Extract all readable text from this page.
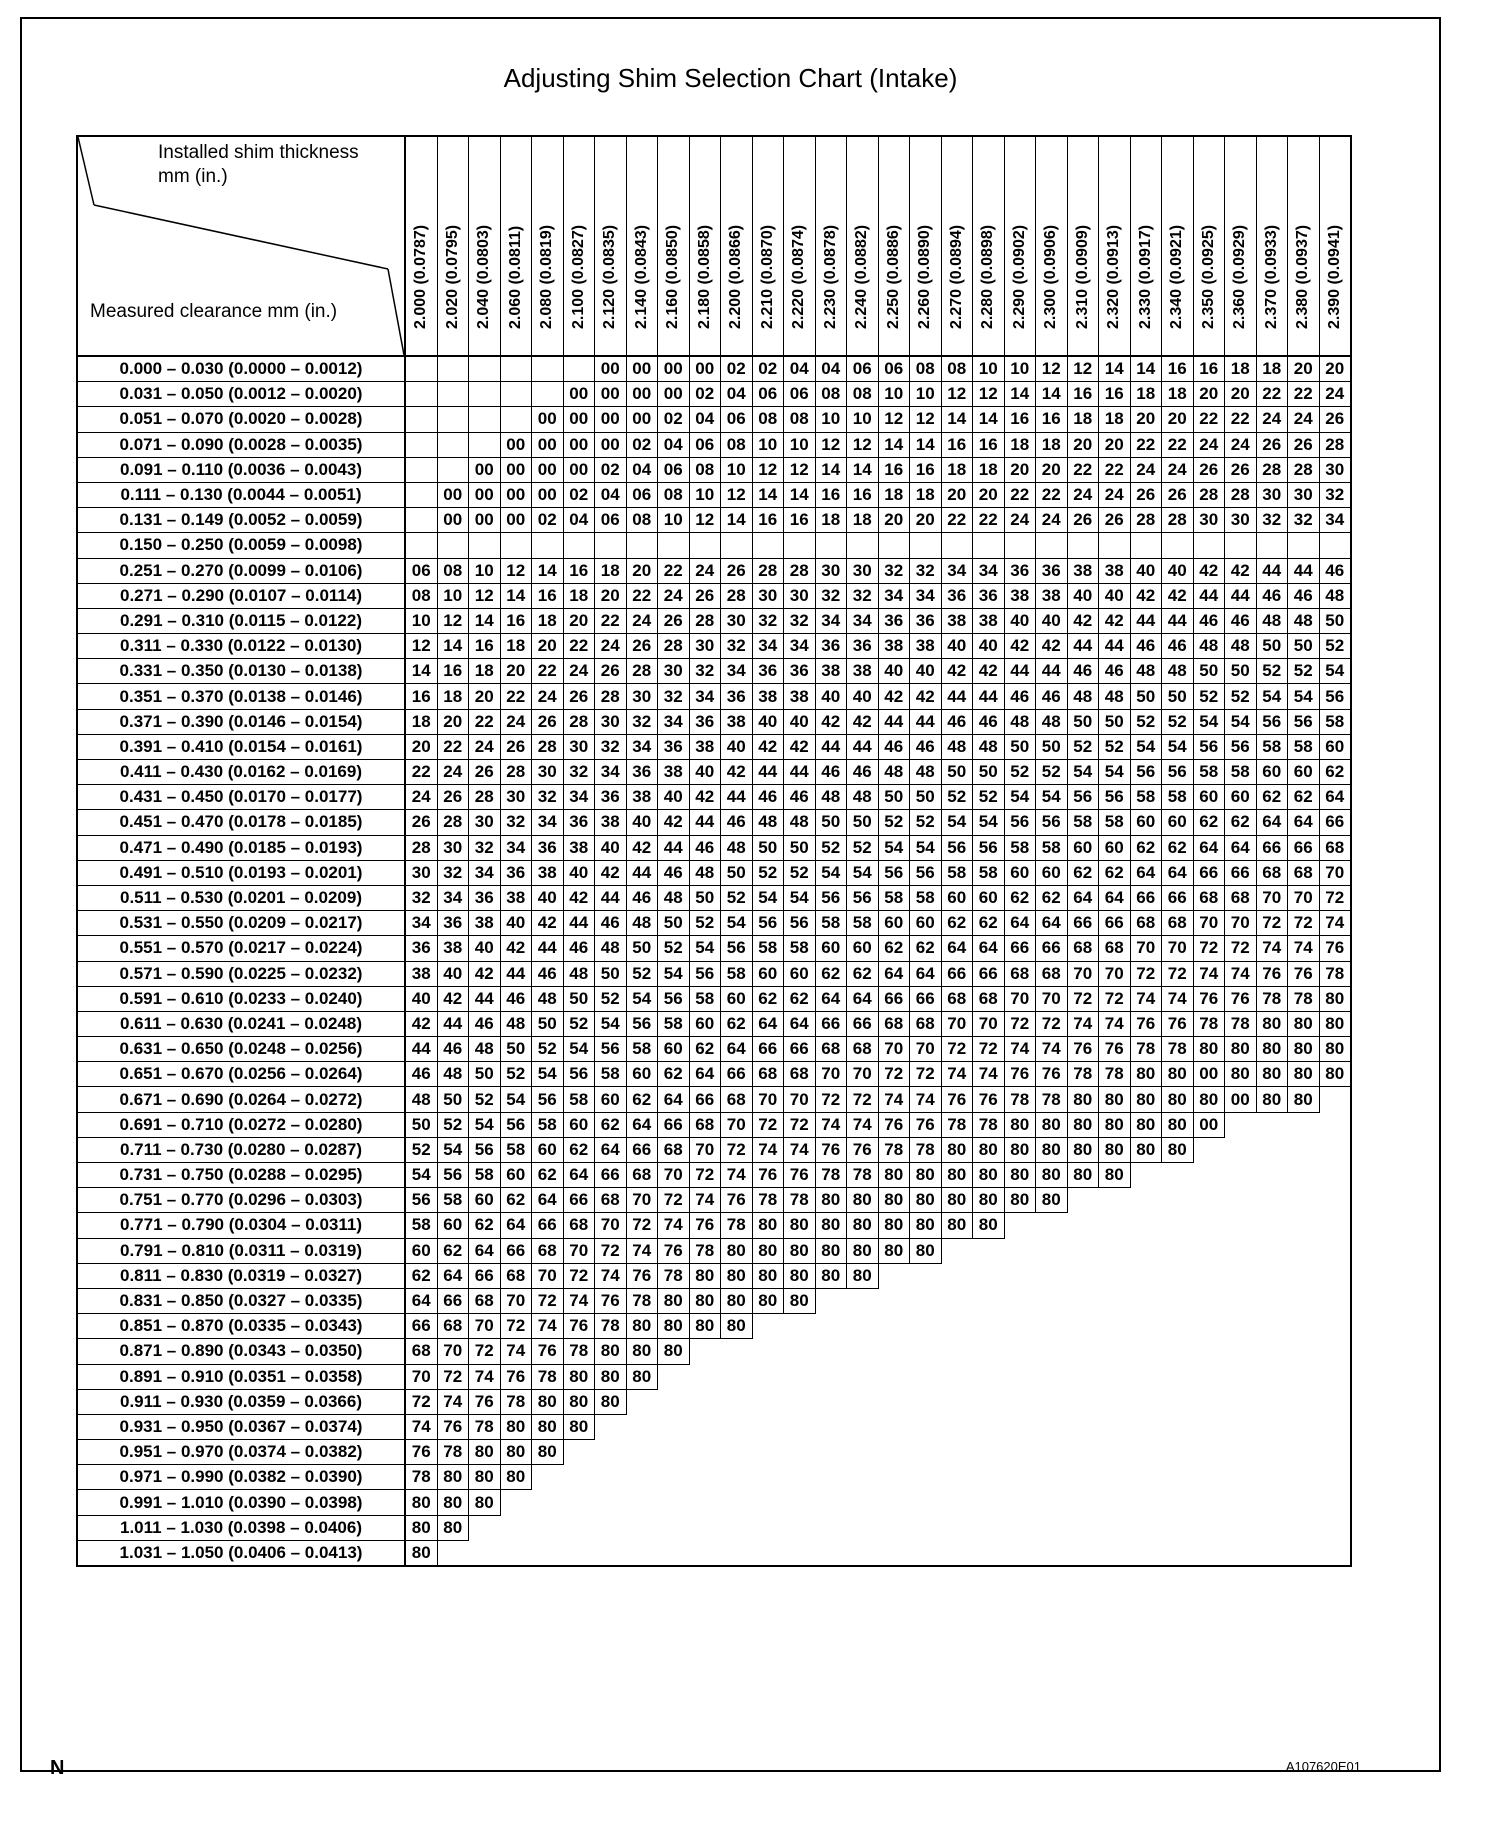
Adjusting Shim Selection Chart (Intake)
N	A107620E01
Installed shim thickness
mm (in.)
Measured clearance mm (in.)	2.000 (0.0787)	2.020 (0.0795)	2.040 (0.0803)	2.060 (0.0811)	2.080 (0.0819)	2.100 (0.0827)	2.120 (0.0835)	2.140 (0.0843)	2.160 (0.0850)	2.180 (0.0858)	2.200 (0.0866)	2.210 (0.0870)	2.220 (0.0874)	2.230 (0.0878)	2.240 (0.0882)	2.250 (0.0886)	2.260 (0.0890)	2.270 (0.0894)	2.280 (0.0898)	2.290 (0.0902)	2.300 (0.0906)	2.310 (0.0909)	2.320 (0.0913)	2.330 (0.0917)	2.340 (0.0921)	2.350 (0.0925)	2.360 (0.0929)	2.370 (0.0933)	2.380 (0.0937)	2.390 (0.0941)

0.000 – 0.030 (0.0000 – 0.0012)							00	00	00	00	02	02	04	04	06	06	08	08	10	10	12	12	14	14	16	16	18	18	20	20
0.031 – 0.050 (0.0012 – 0.0020)						00	00	00	00	02	04	06	06	08	08	10	10	12	12	14	14	16	16	18	18	20	20	22	22	24
0.051 – 0.070 (0.0020 – 0.0028)					00	00	00	00	02	04	06	08	08	10	10	12	12	14	14	16	16	18	18	20	20	22	22	24	24	26
0.071 – 0.090 (0.0028 – 0.0035)				00	00	00	00	02	04	06	08	10	10	12	12	14	14	16	16	18	18	20	20	22	22	24	24	26	26	28
0.091 – 0.110 (0.0036 – 0.0043)			00	00	00	00	02	04	06	08	10	12	12	14	14	16	16	18	18	20	20	22	22	24	24	26	26	28	28	30
0.111 – 0.130 (0.0044 – 0.0051)		00	00	00	00	02	04	06	08	10	12	14	14	16	16	18	18	20	20	22	22	24	24	26	26	28	28	30	30	32
0.131 – 0.149 (0.0052 – 0.0059)		00	00	00	02	04	06	08	10	12	14	16	16	18	18	20	20	22	22	24	24	26	26	28	28	30	30	32	32	34
0.150 – 0.250 (0.0059 – 0.0098)																														
0.251 – 0.270 (0.0099 – 0.0106)	06	08	10	12	14	16	18	20	22	24	26	28	28	30	30	32	32	34	34	36	36	38	38	40	40	42	42	44	44	46
0.271 – 0.290 (0.0107 – 0.0114)	08	10	12	14	16	18	20	22	24	26	28	30	30	32	32	34	34	36	36	38	38	40	40	42	42	44	44	46	46	48
0.291 – 0.310 (0.0115 – 0.0122)	10	12	14	16	18	20	22	24	26	28	30	32	32	34	34	36	36	38	38	40	40	42	42	44	44	46	46	48	48	50
0.311 – 0.330 (0.0122 – 0.0130)	12	14	16	18	20	22	24	26	28	30	32	34	34	36	36	38	38	40	40	42	42	44	44	46	46	48	48	50	50	52
0.331 – 0.350 (0.0130 – 0.0138)	14	16	18	20	22	24	26	28	30	32	34	36	36	38	38	40	40	42	42	44	44	46	46	48	48	50	50	52	52	54
0.351 – 0.370 (0.0138 – 0.0146)	16	18	20	22	24	26	28	30	32	34	36	38	38	40	40	42	42	44	44	46	46	48	48	50	50	52	52	54	54	56
0.371 – 0.390 (0.0146 – 0.0154)	18	20	22	24	26	28	30	32	34	36	38	40	40	42	42	44	44	46	46	48	48	50	50	52	52	54	54	56	56	58
0.391 – 0.410 (0.0154 – 0.0161)	20	22	24	26	28	30	32	34	36	38	40	42	42	44	44	46	46	48	48	50	50	52	52	54	54	56	56	58	58	60
0.411 – 0.430 (0.0162 – 0.0169)	22	24	26	28	30	32	34	36	38	40	42	44	44	46	46	48	48	50	50	52	52	54	54	56	56	58	58	60	60	62
0.431 – 0.450 (0.0170 – 0.0177)	24	26	28	30	32	34	36	38	40	42	44	46	46	48	48	50	50	52	52	54	54	56	56	58	58	60	60	62	62	64
0.451 – 0.470 (0.0178 – 0.0185)	26	28	30	32	34	36	38	40	42	44	46	48	48	50	50	52	52	54	54	56	56	58	58	60	60	62	62	64	64	66
0.471 – 0.490 (0.0185 – 0.0193)	28	30	32	34	36	38	40	42	44	46	48	50	50	52	52	54	54	56	56	58	58	60	60	62	62	64	64	66	66	68
0.491 – 0.510 (0.0193 – 0.0201)	30	32	34	36	38	40	42	44	46	48	50	52	52	54	54	56	56	58	58	60	60	62	62	64	64	66	66	68	68	70
0.511 – 0.530 (0.0201 – 0.0209)	32	34	36	38	40	42	44	46	48	50	52	54	54	56	56	58	58	60	60	62	62	64	64	66	66	68	68	70	70	72
0.531 – 0.550 (0.0209 – 0.0217)	34	36	38	40	42	44	46	48	50	52	54	56	56	58	58	60	60	62	62	64	64	66	66	68	68	70	70	72	72	74
0.551 – 0.570 (0.0217 – 0.0224)	36	38	40	42	44	46	48	50	52	54	56	58	58	60	60	62	62	64	64	66	66	68	68	70	70	72	72	74	74	76
0.571 – 0.590 (0.0225 – 0.0232)	38	40	42	44	46	48	50	52	54	56	58	60	60	62	62	64	64	66	66	68	68	70	70	72	72	74	74	76	76	78
0.591 – 0.610 (0.0233 – 0.0240)	40	42	44	46	48	50	52	54	56	58	60	62	62	64	64	66	66	68	68	70	70	72	72	74	74	76	76	78	78	80
0.611 – 0.630 (0.0241 – 0.0248)	42	44	46	48	50	52	54	56	58	60	62	64	64	66	66	68	68	70	70	72	72	74	74	76	76	78	78	80	80	80
0.631 – 0.650 (0.0248 – 0.0256)	44	46	48	50	52	54	56	58	60	62	64	66	66	68	68	70	70	72	72	74	74	76	76	78	78	80	80	80	80	80
0.651 – 0.670 (0.0256 – 0.0264)	46	48	50	52	54	56	58	60	62	64	66	68	68	70	70	72	72	74	74	76	76	78	78	80	80	00	80	80	80	80
0.671 – 0.690 (0.0264 – 0.0272)	48	50	52	54	56	58	60	62	64	66	68	70	70	72	72	74	74	76	76	78	78	80	80	80	80	80	00	80	80	
0.691 – 0.710 (0.0272 – 0.0280)	50	52	54	56	58	60	62	64	66	68	70	72	72	74	74	76	76	78	78	80	80	80	80	80	80	00				
0.711 – 0.730 (0.0280 – 0.0287)	52	54	56	58	60	62	64	66	68	70	72	74	74	76	76	78	78	80	80	80	80	80	80	80	80					
0.731 – 0.750 (0.0288 – 0.0295)	54	56	58	60	62	64	66	68	70	72	74	76	76	78	78	80	80	80	80	80	80	80	80							
0.751 – 0.770 (0.0296 – 0.0303)	56	58	60	62	64	66	68	70	72	74	76	78	78	80	80	80	80	80	80	80	80									
0.771 – 0.790 (0.0304 – 0.0311)	58	60	62	64	66	68	70	72	74	76	78	80	80	80	80	80	80	80	80											
0.791 – 0.810 (0.0311 – 0.0319)	60	62	64	66	68	70	72	74	76	78	80	80	80	80	80	80	80													
0.811 – 0.830 (0.0319 – 0.0327)	62	64	66	68	70	72	74	76	78	80	80	80	80	80	80															
0.831 – 0.850 (0.0327 – 0.0335)	64	66	68	70	72	74	76	78	80	80	80	80	80																	
0.851 – 0.870 (0.0335 – 0.0343)	66	68	70	72	74	76	78	80	80	80	80																			
0.871 – 0.890 (0.0343 – 0.0350)	68	70	72	74	76	78	80	80	80																					
0.891 – 0.910 (0.0351 – 0.0358)	70	72	74	76	78	80	80	80																						
0.911 – 0.930 (0.0359 – 0.0366)	72	74	76	78	80	80	80																							
0.931 – 0.950 (0.0367 – 0.0374)	74	76	78	80	80	80																								
0.951 – 0.970 (0.0374 – 0.0382)	76	78	80	80	80																									
0.971 – 0.990 (0.0382 – 0.0390)	78	80	80	80																										
0.991 – 1.010 (0.0390 – 0.0398)	80	80	80																											
1.011 – 1.030 (0.0398 – 0.0406)	80	80																												
1.031 – 1.050 (0.0406 – 0.0413)	80																													
